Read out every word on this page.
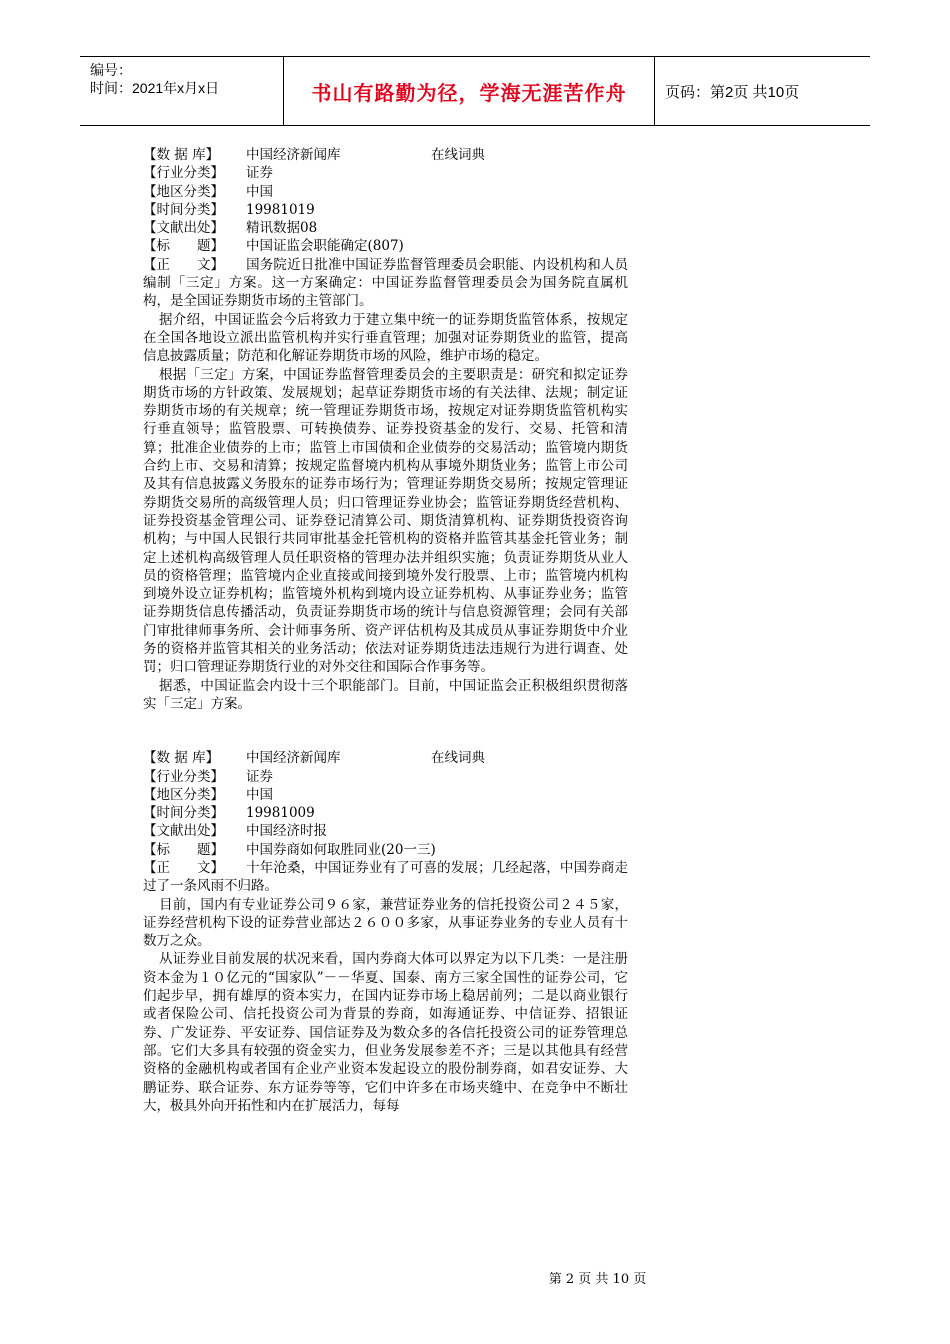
编号：
时间：2021年x月x日	书山有路勤为径，学海无涯苦作舟	页码：第2页 共10页
【数 据 库】 中国经济新闻库	在线词典
【行业分类】 证券
【地区分类】 中国
【时间分类】 19981019
【文献出处】 精讯数据08
【标　　题】 中国证监会职能确定(807)
【正　　文】 国务院近日批准中国证券监督管理委员会职能、内设机构和人员编制「三定」方案。这一方案确定：中国证券监督管理委员会为国务院直属机构，是全国证券期货市场的主管部门。
据介绍，中国证监会今后将致力于建立集中统一的证券期货监管体系，按规定在全国各地设立派出监管机构并实行垂直管理；加强对证券期货业的监管，提高信息披露质量；防范和化解证券期货市场的风险，维护市场的稳定。
根据「三定」方案，中国证券监督管理委员会的主要职责是：研究和拟定证券期货市场的方针政策、发展规划；起草证券期货市场的有关法律、法规；制定证券期货市场的有关规章；统一管理证券期货市场，按规定对证券期货监管机构实行垂直领导；监管股票、可转换债券、证券投资基金的发行、交易、托管和清算；批准企业债券的上市；监管上市国债和企业债券的交易活动；监管境内期货合约上市、交易和清算；按规定监督境内机构从事境外期货业务；监管上市公司及其有信息披露义务股东的证券市场行为；管理证券期货交易所；按规定管理证券期货交易所的高级管理人员；归口管理证券业协会；监管证券期货经营机构、证券投资基金管理公司、证券登记清算公司、期货清算机构、证券期货投资咨询机构；与中国人民银行共同审批基金托管机构的资格并监管其基金托管业务；制定上述机构高级管理人员任职资格的管理办法并组织实施；负责证券期货从业人员的资格管理；监管境内企业直接或间接到境外发行股票、上市；监管境内机构到境外设立证券机构；监管境外机构到境内设立证券机构、从事证券业务；监管证券期货信息传播活动，负责证券期货市场的统计与信息资源管理；会同有关部门审批律师事务所、会计师事务所、资产评估机构及其成员从事证券期货中介业务的资格并监管其相关的业务活动；依法对证券期货违法违规行为进行调查、处罚；归口管理证券期货行业的对外交往和国际合作事务等。
据悉，中国证监会内设十三个职能部门。目前，中国证监会正积极组织贯彻落实「三定」方案。
【数 据 库】 中国经济新闻库	在线词典
【行业分类】 证券
【地区分类】 中国
【时间分类】 19981009
【文献出处】 中国经济时报
【标　　题】 中国券商如何取胜同业(20一三)
【正　　文】 十年沧桑，中国证券业有了可喜的发展；几经起落，中国券商走过了一条风雨不归路。
目前，国内有专业证券公司９６家，兼营证券业务的信托投资公司２４５家，证券经营机构下设的证券营业部达２６００多家，从事证券业务的专业人员有十数万之众。
从证券业目前发展的状况来看，国内券商大体可以界定为以下几类：一是注册资本金为１０亿元的“国家队”－－华夏、国泰、南方三家全国性的证券公司，它们起步早，拥有雄厚的资本实力，在国内证券市场上稳居前列；二是以商业银行或者保险公司、信托投资公司为背景的券商，如海通证券、中信证券、招银证券、广发证券、平安证券、国信证券及为数众多的各信托投资公司的证券管理总部。它们大多具有较强的资金实力，但业务发展参差不齐；三是以其他具有经营资格的金融机构或者国有企业产业资本发起设立的股份制券商，如君安证券、大鹏证券、联合证券、东方证券等等，它们中许多在市场夹缝中、在竞争中不断壮大，极具外向开拓性和内在扩展活力，每每
第 2 页 共 10 页
